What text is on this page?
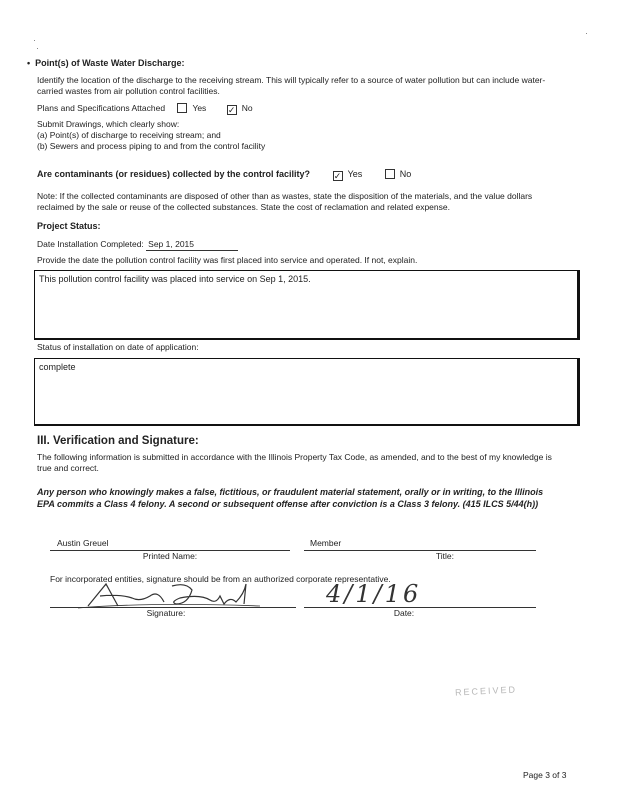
• Point(s) of Waste Water Discharge:
Identify the location of the discharge to the receiving stream. This will typically refer to a source of water pollution but can include water-carried wastes from air pollution control facilities.
Plans and Specifications Attached	Yes ✓ No
Submit Drawings, which clearly show:
(a) Point(s) of discharge to receiving stream; and
(b) Sewers and process piping to and from the control facility
Are contaminants (or residues) collected by the control facility?	✓ Yes	No
Note: If the collected contaminants are disposed of other than as wastes, state the disposition of the materials, and the value dollars reclaimed by the sale or reuse of the collected substances. State the cost of reclamation and related expense.
Project Status:
Date Installation Completed: Sep 1, 2015
Provide the date the pollution control facility was first placed into service and operated. If not, explain.
This pollution control facility was placed into service on Sep 1, 2015.
Status of installation on date of application:
complete
III. Verification and Signature:
The following information is submitted in accordance with the Illinois Property Tax Code, as amended, and to the best of my knowledge is true and correct.
Any person who knowingly makes a false, fictitious, or fraudulent material statement, orally or in writing, to the Illinois EPA commits a Class 4 felony. A second or subsequent offense after conviction is a Class 3 felony. (415 ILCS 5/44(h))
Austin Greuel
Printed Name:
Member
Title:
For incorporated entities, signature should be from an authorized corporate representative.
Signature:
4/1/16
Date:
RECEIVED
Page 3 of 3
